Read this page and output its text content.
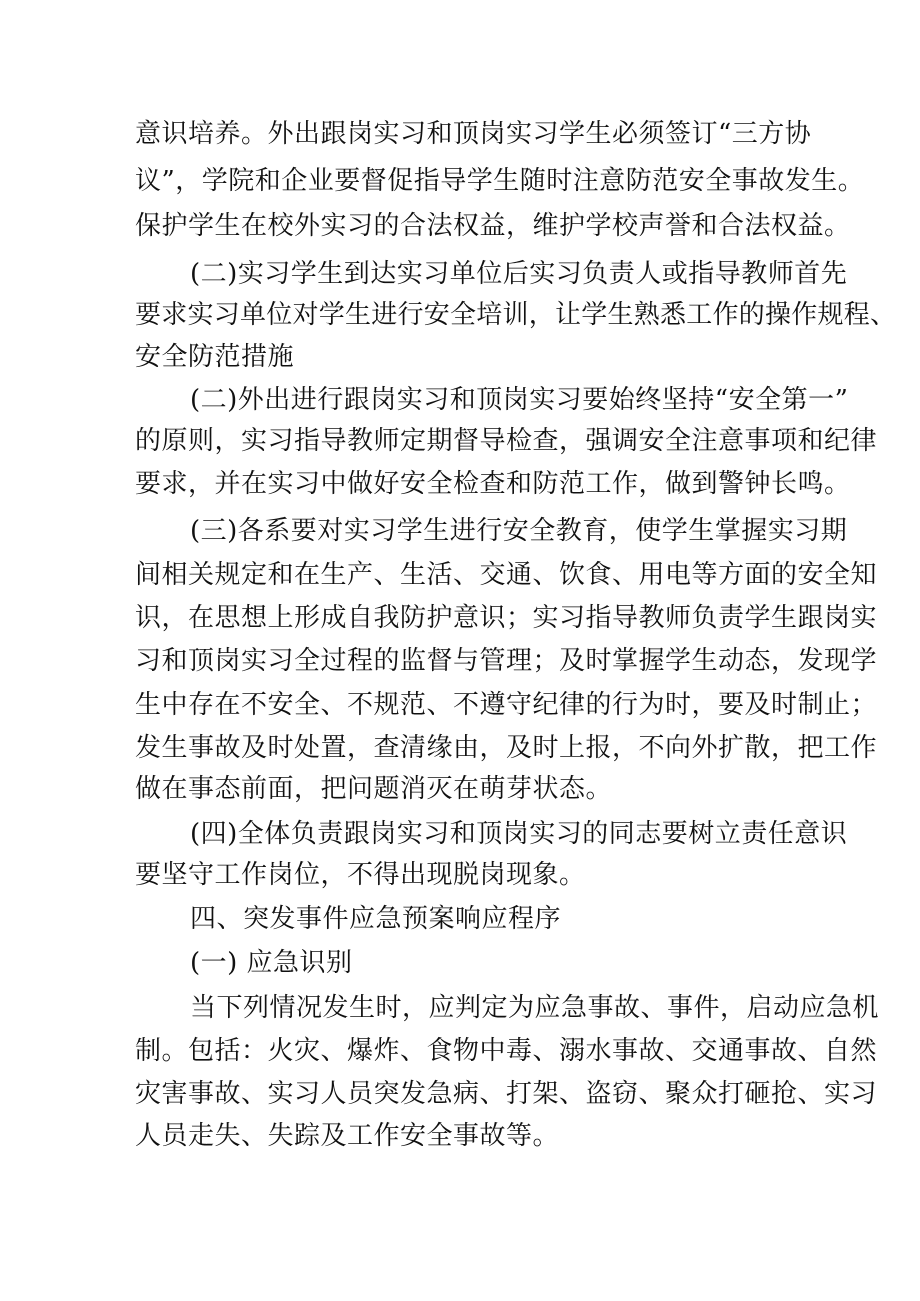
意识培养。外出跟岗实习和顶岗实习学生必须签订“三方协
议”，学院和企业要督促指导学生随时注意防范安全事故发生。
保护学生在校外实习的合法权益，维护学校声誉和合法权益。
(二)实习学生到达实习单位后实习负责人或指导教师首先
要求实习单位对学生进行安全培训，让学生熟悉工作的操作规程、
安全防范措施
(二)外出进行跟岗实习和顶岗实习要始终坚持“安全第一”
的原则，实习指导教师定期督导检查，强调安全注意事项和纪律
要求，并在实习中做好安全检查和防范工作，做到警钟长鸣。
(三)各系要对实习学生进行安全教育，使学生掌握实习期
间相关规定和在生产、生活、交通、饮食、用电等方面的安全知
识，在思想上形成自我防护意识；实习指导教师负责学生跟岗实
习和顶岗实习全过程的监督与管理；及时掌握学生动态，发现学
生中存在不安全、不规范、不遵守纪律的行为时，要及时制止；
发生事故及时处置，查清缘由，及时上报，不向外扩散，把工作
做在事态前面，把问题消灭在萌芽状态。
(四)全体负责跟岗实习和顶岗实习的同志要树立责任意识
要坚守工作岗位，不得出现脱岗现象。
四、突发事件应急预案响应程序
(一) 应急识别
当下列情况发生时，应判定为应急事故、事件，启动应急机
制。包括：火灾、爆炸、食物中毒、溺水事故、交通事故、自然
灾害事故、实习人员突发急病、打架、盗窃、聚众打砸抢、实习
人员走失、失踪及工作安全事故等。
